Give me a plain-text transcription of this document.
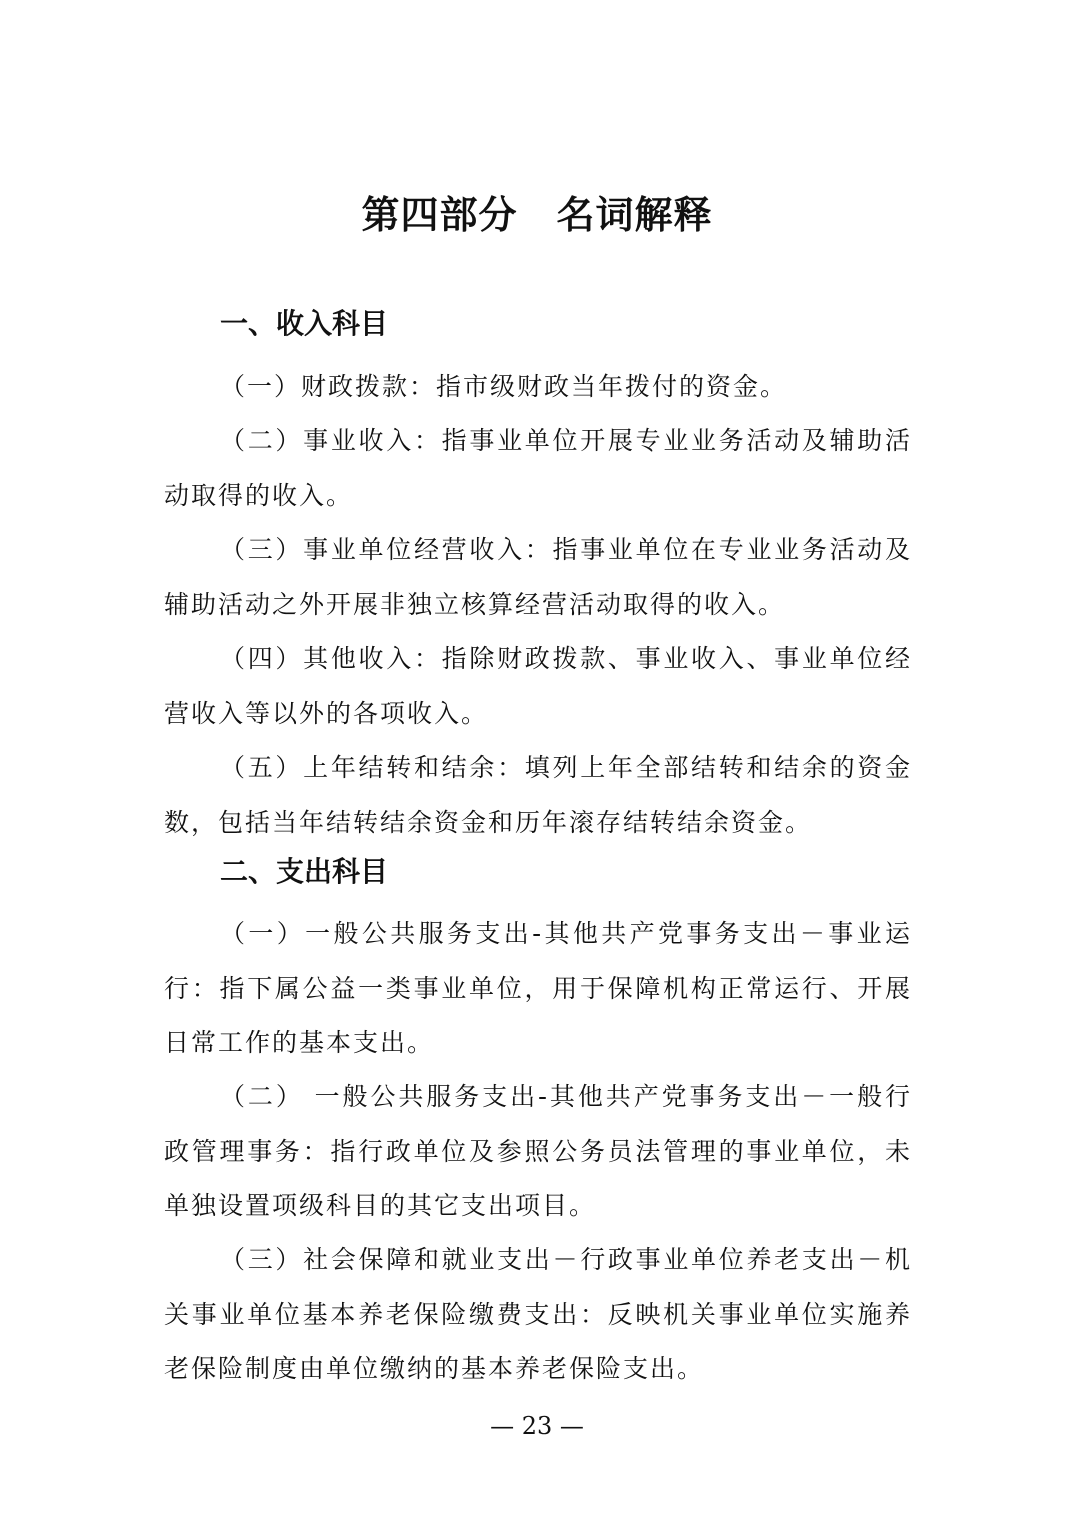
第四部分　名词解释
一、收入科目
（一）财政拨款：指市级财政当年拨付的资金。
（二）事业收入：指事业单位开展专业业务活动及辅助活动取得的收入。
（三）事业单位经营收入：指事业单位在专业业务活动及辅助活动之外开展非独立核算经营活动取得的收入。
（四）其他收入：指除财政拨款、事业收入、事业单位经营收入等以外的各项收入。
（五）上年结转和结余：填列上年全部结转和结余的资金数，包括当年结转结余资金和历年滚存结转结余资金。
二、支出科目
（一）一般公共服务支出-其他共产党事务支出－事业运行：指下属公益一类事业单位，用于保障机构正常运行、开展日常工作的基本支出。
（二） 一般公共服务支出-其他共产党事务支出－一般行政管理事务：指行政单位及参照公务员法管理的事业单位，未单独设置项级科目的其它支出项目。
（三）社会保障和就业支出－行政事业单位养老支出－机关事业单位基本养老保险缴费支出：反映机关事业单位实施养老保险制度由单位缴纳的基本养老保险支出。
— 23 —
